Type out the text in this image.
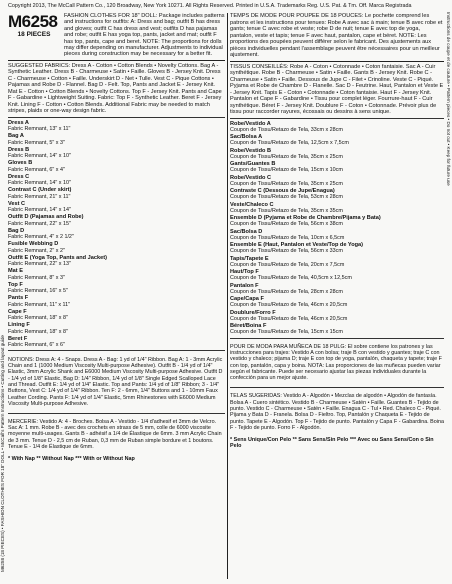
M6258 (18 PIECES) • FASHION CLOTHES FOR 18" DOLL • McCall's Pattern Instructions • Cutting and layout guide
Instructions de coupe et de couture • Pattern pieces • Do not cut • Keep for future use
Copyright 2013, The McCall Pattern Co., 120 Broadway, New York 10271. All Rights Reserved. Printed in U.S.A. Trademarks Reg. U.S. Pat. & Tm. Off. Marca Registrada
M6258
18 PIECES
FASHION CLOTHES FOR 18" DOLL: Package includes patterns and instructions for outfits: A: Dress and bag; outfit B has dress and gloves; outfit C has dress and vest; outfits D has pajamas and robe; outfit E has yoga top, pants, jacket and mat; outfit F has top, pants, cape and beret. NOTE: The proportions for dolls may differ depending on manufacturer. Adjustments to individual pieces during construction may be necessary for a better fit.

SUGGESTED FABRICS: Dress A - Cotton • Cotton Blends • Novelty Cottons. Bag A - Synthetic Leather. Dress B - Charmeuse • Satin • Faille. Gloves B - Jersey Knit. Dress C - Charmeuse • Cotton • Faille. Underskirt D - Net • Tulle. Vest C - Pique Cottons • Pajamas and Robe D - Flannel. Bag D - Felt. Top, Pants and Jacket E - Jersey Knit. Mat E - Cotton • Cotton Blends • Novelty Cottons. Top F - Jersey Knit. Pants and Cape F - Gabardine • Lightweight Suiting. Fabric: Top F - Synthetic Leather. Beret F - Jersey Knit. Lining F - Cotton • Cotton Blends. Additional Fabric may be needed to match stripes, plaids or one-way design fabric.

Dress A
Fabric Remnant, 13" x 11"
Bag A
Fabric Remnant, 5" x 3"
Dress B
Fabric Remnant, 14" x 10"
Gloves B
Fabric Remnant, 6" x 4"
Dress C
Fabric Remnant, 14" x 10"
Contrast C (Under skirt)
Fabric Remnant, 21" x 11"
Vest C
Fabric Remnant, 14" x 14"
Outfit D (Pajamas and Robe)
Fabric Remnant, 22" x 15"
Bag D
Fabric Remnant, 4" x 2 1/2"
Fusible Webbing D
Fabric Remnant, 2" x 2"
Outfit E (Yoga Top, Pants and Jacket)
Fabric Remnant, 22" x 13"
Mat E
Fabric Remnant, 8" x 3"
Top F
Fabric Remnant, 16" x 5"
Pants F
Fabric Remnant, 11" x 11"
Cape F
Fabric Remnant, 18" x 8"
Lining F
Fabric Remnant, 18" x 8"
Beret F
Fabric Remnant, 6" x 6"

NOTIONS: Dress A: 4 - Snaps. Dress A - Bag: 1 yd of 1/4" Ribbon. Bag A: 1 - 3mm Acrylic Chain and 1 (1000 Medium Viscosity Multi-purpose Adhesive). Outfit B - 1/4 yd of 1/4" Elastic, 3mm Acrylic Shank and E6000 Medium Viscosity Multi-purpose Adhesive. Outfit D - 1/4 yd of 1/8" Elastic, Bag D: 1/4" Ribbon, 1/4 yd of 1/8" Single Edged Scalloped Lace and Thread. Outfit E: 1/4 yd of 1/4" Elastic. Top and Pants: 1/4 yd of 1/8" Ribbon; 3 - 1/4" Buttons, Vest C: 1/4 yd of 1/4" Ribbon. Ten F: 2 - 6mm, 1/4" Buttons and 1 - 10mm Faux Leather Cording. Pants F: 1/4 yd of 1/4" Elastic, 5mm Rhinestones with E6000 Medium Viscosity Multi-purpose Adhesive.

MERCERIE: Vestido A: 4 - Broches. Bolsa A - Vestido - 1/4 d'adhesif et 3mm de Velcro. Sac A: 1 mm. Robe B - avec des crochets en strass de 5 mm, colle de 6000 viscosite moyenne multi-usages. Gants B - adhésif a 1/4 de Élastique de 6mm. 3 mm Acrylic Chain de 3 mm. Tenue D - 2,5 cm de Ruban, 0,3 mm de Ruban simple bordure et 1 boutons. Tenue E - 1/4 de Élastique de 6mm.

* With Nap ** Without Nap *** With or Without Nap

TEMPS DE MODE POUR POUPÉE DE 18 POUCES: Le pochette comprend les patrons et les instructions pour tenues: Robe A avec sac à main; tenue B avec robe et gants; tenue C avec robe et veste; robe D de nuit; tenue E avec top de yoga, pantalon, veste et tapis; tenue F avec haut, pantalon, cape et béret. NOTE: Les proportions des poupées peuvent différer selon le fabricant. Des ajustements aux pièces individuelles pendant l'assemblage peuvent être nécessaires pour un meilleur ajustement.

TISSUS CONSEILLÉS: Robe A - Coton • Cotonnade • Coton fantaisie. Sac A - Cuir synthétique. Robe B - Charmeuse • Satin • Faille. Gants B - Jersey Knit. Robe C - Charmeuse • Satin • Faille. Dessous de Jupe C - Filet • Crinoline. Veste C - Piqué. Pyjama et Robe de Chambre D - Flanelle. Sac D - Feutrine. Haut, Pantalon et Veste E - Jersey Knit. Tapis E - Coton • Cotonnade • Coton fantaisie. Haut F - Jersey Knit. Pantalon et Cape F - Gabardine • Tissu pour complet léger. Fourrure-haut F - Cuir synthétique. Béret F - Jersey Knit. Doublure F - Coton • Cotonnade. Prévoir plus de tissu pour raccorder rayures, écossais ou dessins à sens unique.

Robe/Vestido A
Coupon de Tissu/Retazo de Tela, 33cm x 28cm
Sac/Bolsa A
Coupon de Tissu/Retazo de Tela, 12,5cm x 7,5cm
Robe/Vestido B
Coupon de Tissu/Retazo de Tela, 35cm x 25cm
Gants/Guantes B
Coupon de Tissu/Retazo de Tela, 15cm x 10cm
Robe/Vestido C
Coupon de Tissu/Retazo de Tela, 35cm x 25cm
Contraste C (Dessous de Jupe/Enagua)
Coupon de Tissu/Retazo de Tela, 53cm x 28cm
Veste/Chaleco C
Coupon de Tissu/Retazo de Tela, 35cm x 35cm
Ensemble D (Pyjama et Robe de Chambre/Pijama y Bata)
Coupon de Tissu/Retazo de Tela, 56cm x 38cm
Sac/Bolsa D
Coupon de Tissu/Retazo de Tela, 10cm x 6,5cm
Ensemble E (Haut, Pantalon et Veste/Top de Yoga)
Coupon de Tissu/Retazo de Tela, 56cm x 33cm
Tapis/Tapete E
Coupon de Tissu/Retazo de Tela, 20cm x 7,5cm
Haut/Top F
Coupon de Tissu/Retazo de Tela, 40,5cm x 12,5cm
Pantalon F
Coupon de Tissu/Retazo de Tela, 28cm x 28cm
Cape/Capa F
Coupon de Tissu/Retazo de Tela, 46cm x 20,5cm
Doublure/Forro F
Coupon de Tissu/Retazo de Tela, 46cm x 20,5cm
Béret/Boina F
Coupon de Tissu/Retazo de Tela, 15cm x 15cm

POUR DE MODA PARA MUÑECA DE 18 PULG: El sobre contiene los patrones y las instrucciones para trajes: Vestido A con bolsa; traje B con vestido y guantes; traje C con vestido y chaleco; pijama D; traje E con top de yoga, pantalón, chaqueta y tapete; traje F con top, pantalón, capa y boina. NOTA: Las proporciones de las muñecas pueden variar según el fabricante. Puede ser necesario ajustar las piezas individuales durante la confección para un mejor ajuste.

TELAS SUGERIDAS: Vestido A - Algodón • Mezclas de algodón • Algodón de fantasía. Bolsa A - Cuero sintético. Vestido B - Charmeuse • Satén • Faille. Guantes B - Tejido de punto. Vestido C - Charmeuse • Satén • Faille. Enagua C - Tul • Red. Chaleco C - Piqué. Pijama y Bata D - Franela. Bolsa D - Fieltro. Top, Pantalón y Chaqueta E - Tejido de punto. Tapete E - Algodón. Top F - Tejido de punto. Pantalón y Capa F - Gabardina. Boina F - Tejido de punto. Forro F - Algodón.

* Sens Unique/Con Pelo ** Sans Sens/Sin Pelo *** Avec ou Sans Sens/Con o Sin Pelo
